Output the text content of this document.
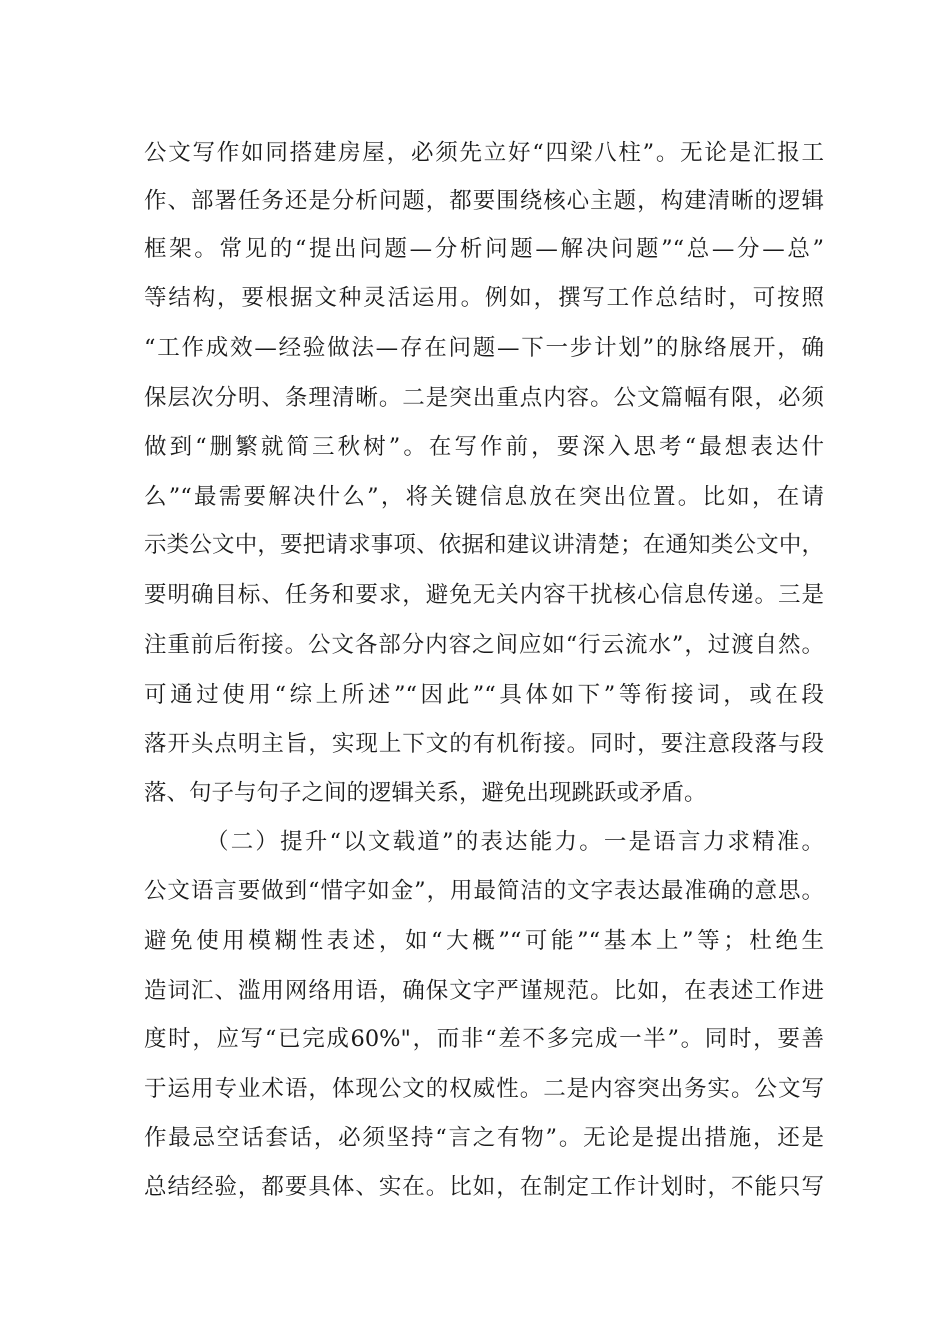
公文写作如同搭建房屋，必须先立好“四梁八柱”。无论是汇报工
作、部署任务还是分析问题，都要围绕核心主题，构建清晰的逻辑
框架。常见的“提出问题—分析问题—解决问题”“总—分—总”
等结构，要根据文种灵活运用。例如，撰写工作总结时，可按照
“工作成效—经验做法—存在问题—下一步计划”的脉络展开，确
保层次分明、条理清晰。二是突出重点内容。公文篇幅有限，必须
做到“删繁就简三秋树”。在写作前，要深入思考“最想表达什
么”“最需要解决什么”，将关键信息放在突出位置。比如，在请
示类公文中，要把请求事项、依据和建议讲清楚；在通知类公文中，
要明确目标、任务和要求，避免无关内容干扰核心信息传递。三是
注重前后衔接。公文各部分内容之间应如“行云流水”，过渡自然。
可通过使用“综上所述”“因此”“具体如下”等衔接词，或在段
落开头点明主旨，实现上下文的有机衔接。同时，要注意段落与段
落、句子与句子之间的逻辑关系，避免出现跳跃或矛盾。
（二）提升“以文载道”的表达能力。一是语言力求精准。
公文语言要做到“惜字如金”，用最简洁的文字表达最准确的意思。
避免使用模糊性表述，如“大概”“可能”“基本上”等；杜绝生
造词汇、滥用网络用语，确保文字严谨规范。比如，在表述工作进
度时，应写“已完成60%"，而非“差不多完成一半”。同时，要善
于运用专业术语，体现公文的权威性。二是内容突出务实。公文写
作最忌空话套话，必须坚持“言之有物”。无论是提出措施，还是
总结经验，都要具体、实在。比如，在制定工作计划时，不能只写
